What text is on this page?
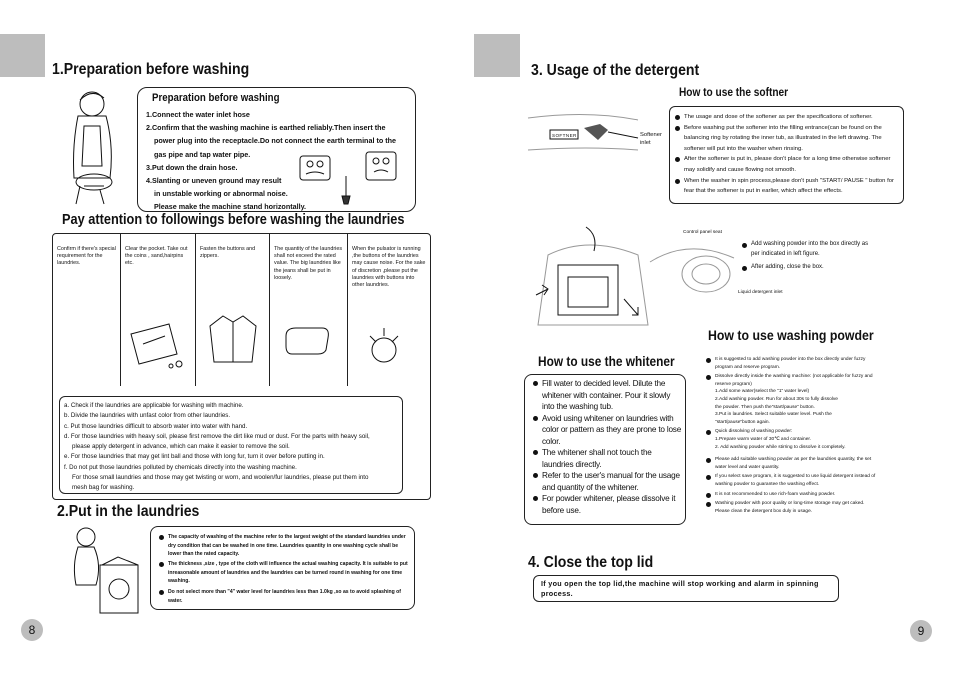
1.Preparation before washing
Preparation before washing
1.Connect the water inlet hose
2.Confirm that the washing machine is earthed reliably.Then insert the
power plug into the receptacle.Do not connect the earth terminal to the
gas pipe and tap water pipe.
3.Put down the drain hose.
4.Slanting or uneven ground may result
in unstable working or abnormal noise.
Please make the machine stand horizontally.
Pay attention to followings before washing the laundries
Confirm if there's special requirement for the laundries.
Clear the pocket. Take out the coins , sand,hairpins etc.
Fasten the buttons and zippers.
The quantity of the laundries shall not exceed the rated value. The big laundries like the jeans shall be put in loosely.
When the pulsator is running ,the buttons of the laundries may cause noise. For the sake of discretion ,please put the laundries with buttons into other laundries.
a. Check if the laundries are applicable for washing with machine.
b. Divide the laundries with unfast color from other laundries.
c. Put those laundries difficult to absorb water into water with hand.
d. For those laundries with heavy soil, please first remove the dirt like mud or dust. For the parts with heavy soil,
please apply detergent in advance, which can make it easier to remove the soil.
e. For those laundries that may get lint ball and those with long fur, turn it over before putting in.
f. Do not put those laundries polluted by chemicals directly into the washing machine.
For those small laundries and those may get twisting or worn, and woolen/fur laundries, please put them into
mesh bag for washing.
2.Put in the laundries
The capacity of washing of the machine refer to the largest weight of the standard laundries under dry condition that can be washed in one time. Laundries quantity in one washing cycle shall be lower than the rated capacity.
The thickness ,size , type of the cloth will influence the actual washing capacity. It is suitable to put inreasonable amount of laundries and the laundries can be turned round in washing for one time washing.
Do not select more than "4" water level for laundries less than 1.0kg ,so as to avoid splashing of water.
8
3. Usage of the detergent
How to use the softner
SOFTNER	Softener inlet
The usage and dose of the softener as per the specifications of softener.
Before washing put the softener into the filling entrance(can be found on the balancing ring by rotating the inner tub, as illustrated in the left drawing. The softener will put into the washer when rinsing.
After the softener is put in, please don't place for a long time otherwise softener may solidify and cause flowing not smooth.
When the washer in spin process,please don't push "START/ PAUSE " button for fear that the softener is put in earlier, which affect the effects.
Control panel seat
Liquid detergent inlet
Add washing powder into the box directly as per indicated in left figure.
After adding, close the box.
How to use washing powder
How to use the whitener
Fill water to decided level. Dilute the whitener with container. Pour it slowly into the washing tub.
Avoid using whitener on laundries with color or pattern as they are prone to lose color.
The whitener shall not touch the laundries directly.
Refer to the user's manual for the usage and quantity of the whitener.
For powder whitener, please dissolve it before use.
It is suggested to add washing powder into the box directly under fuzzy program and reserve program.
Dissolve directly inside the washing machine: (not applicable for fuzzy and reserve program)
1.Add some water(select the "1" water level)
2.Add washing powder. Run for about 30s to fully dissolve
the powder. Then push the"start/pause" button.
3.Put in laundries. Select suitable water level. Push the
"start/pause"button again.
Quick dissolving of washing powder:
1.Prepare warm water of 30℃ and container.
2. Add washing powder while stirring to dissolve it completely.
Please add suitable washing powder as per the laundries quantity, the set water level and water quantity.
If you select save program, it is suggested to use liquid detergent instead of washing powder to guarantee the washing effect.
It is not recommended to use rich-foam washing powder.
Washing powder with poor quality or long-time storage may get caked. Please clean the detergent box duly in usage.
4. Close the top lid
If you open the top lid,the machine will stop working and alarm in spinning process.
9
